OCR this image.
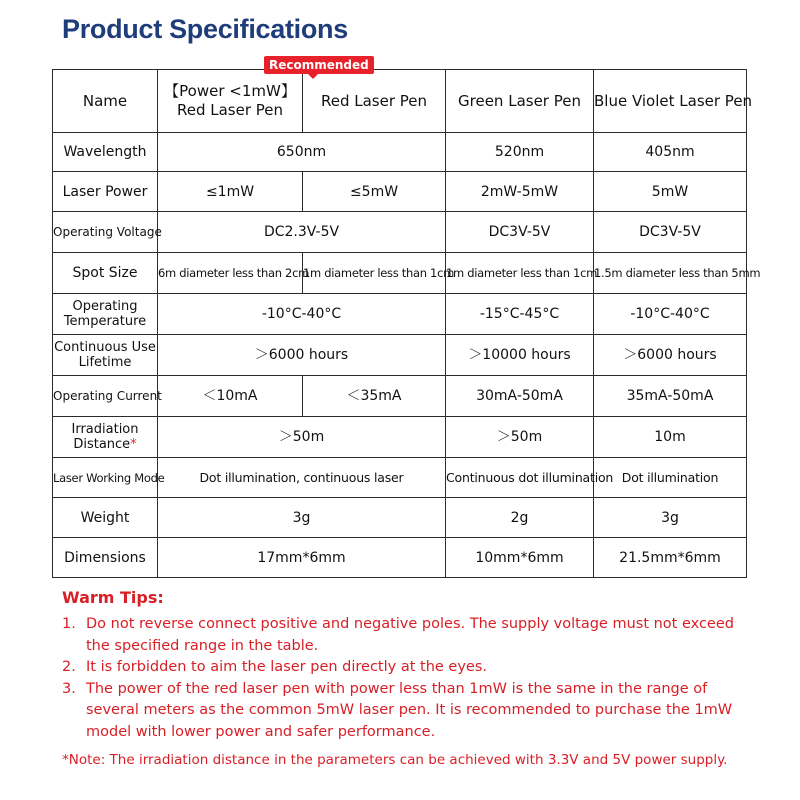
Product Specifications
Name	【Power <1mW】 Red Laser Pen	Red Laser Pen	Green Laser Pen	Blue Violet Laser Pen
Wavelength	650nm		520nm	405nm
Laser Power	≤1mW	≤5mW	2mW-5mW	5mW
Operating Voltage	DC2.3V-5V		DC3V-5V	DC3V-5V
Spot Size	6m diameter less than 2cm	1m diameter less than 1cm	1m diameter less than 1cm	1.5m diameter less than 5mm
Operating Temperature	-10°C-40°C		-15°C-45°C	-10°C-40°C
Continuous Use Lifetime	＞6000 hours		＞10000 hours	＞6000 hours
Operating Current	＜10mA	＜35mA	30mA-50mA	35mA-50mA
Irradiation Distance*	＞50m		＞50m	10m
Laser Working Mode	Dot illumination, continuous laser		Continuous dot illumination	Dot illumination
Weight	3g		2g	3g
Dimensions	17mm*6mm		10mm*6mm	21.5mm*6mm
Recommended
Warm Tips:
1. Do not reverse connect positive and negative poles. The supply voltage must not exceed the specified range in the table.
2. It is forbidden to aim the laser pen directly at the eyes.
3. The power of the red laser pen with power less than 1mW is the same in the range of several meters as the common 5mW laser pen. It is recommended to purchase the 1mW model with lower power and safer performance.
*Note: The irradiation distance in the parameters can be achieved with 3.3V and 5V power supply.
